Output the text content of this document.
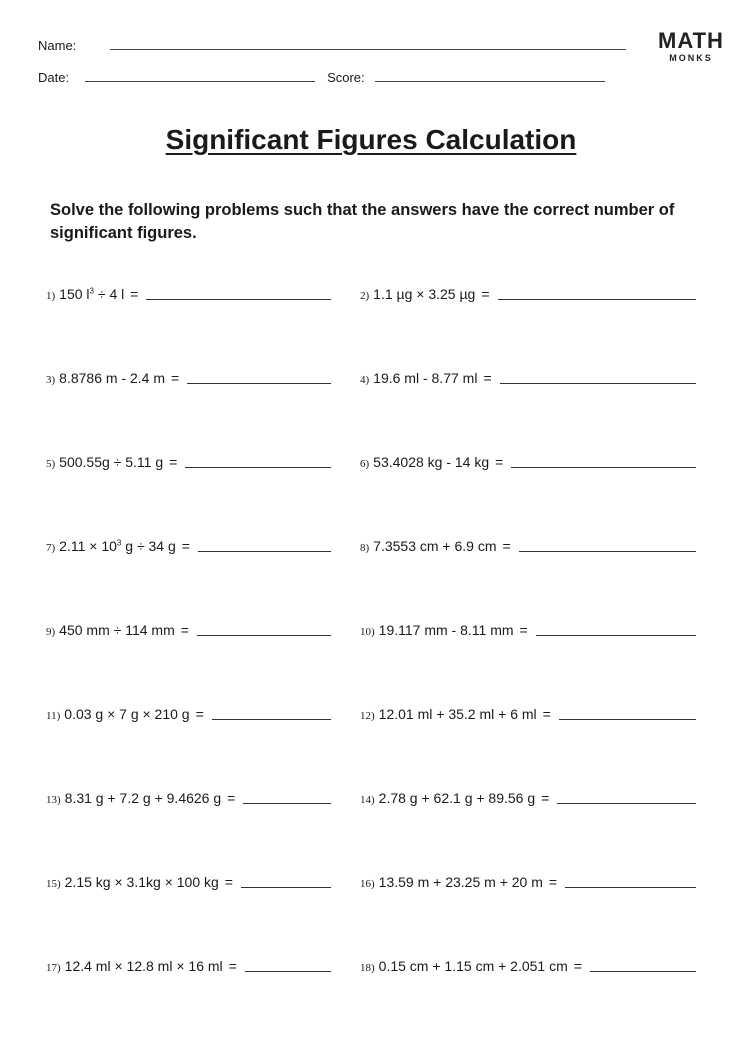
Name:
Date:	Score:
MATH
MONKS
Significant Figures Calculation
Solve the following problems such that the answers have the correct number of significant figures.
1) 150 $l^3 \div 4$ l =	2) 1.1 µg × 3.25 µg =
3) 8.8786 m - 2.4 m =	4) 19.6 ml - 8.77 ml =
5) 500.55g ÷ 5.11 g =	6) 53.4028 kg - 14 kg =
7) $2.11 \times 10^3$ g ÷ 34 g =	8) 7.3553 cm + 6.9 cm =
9) 450 mm ÷ 114 mm =	10) 19.117 mm - 8.11 mm =
11) 0.03 g × 7 g × 210 g =	12) 12.01 ml + 35.2 ml + 6 ml =
13) 8.31 g + 7.2 g + 9.4626 g =	14) 2.78 g + 62.1 g + 89.56 g =
15) 2.15 kg × 3.1kg × 100 kg =	16) 13.59 m + 23.25 m + 20 m =
17) 12.4 ml × 12.8 ml × 16 ml =	18) 0.15 cm + 1.15 cm + 2.051 cm =
